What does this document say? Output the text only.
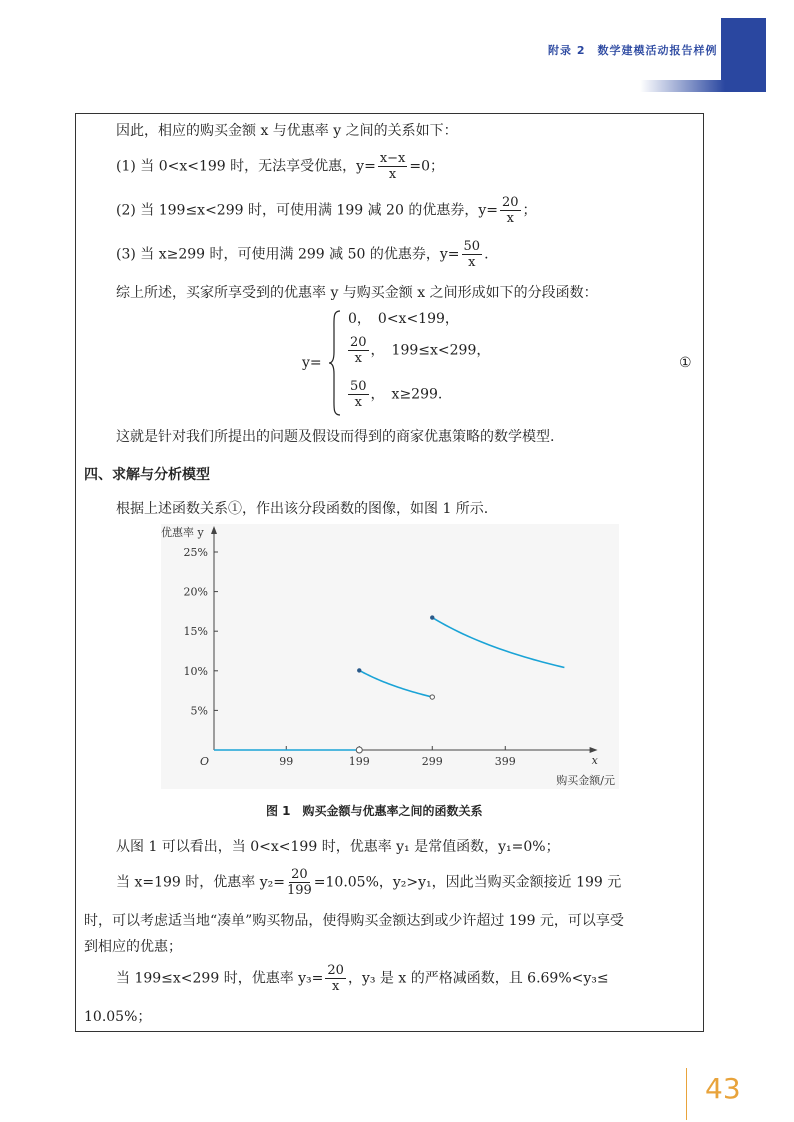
附录 2　数学建模活动报告样例
因此，相应的购买金额 x 与优惠率 y 之间的关系如下：
(1) 当 0<x<199 时，无法享受优惠，$y= \frac{x-x}{x} =0$；
(2) 当 199≤x<299 时，可使用满 199 减 20 的优惠券，$y= \frac{20}{x}$ ；
(3) 当 x≥299 时，可使用满 299 减 50 的优惠券，$y= \frac{50}{x}$ .
综上所述，买家所享受到的优惠率 y 与购买金额 x 之间形成如下的分段函数：
y=
0，　0<x<199，
$\frac{20}{x}$ ，　199≤x<299，
$\frac{50}{x}$ ，　x≥299.
①
这就是针对我们所提出的问题及假设而得到的商家优惠策略的数学模型.
四、求解与分析模型
根据上述函数关系①，作出该分段函数的图像，如图 1 所示.
99	199	299	399
5%
10%
15%
20%
25%
O	x
购买金额/元
优惠率 y
图 1　购买金额与优惠率之间的函数关系
从图 1 可以看出，当 0<x<199 时，优惠率 y₁ 是常值函数，y₁=0%；
当 x=199 时，优惠率 $y_2= \frac{20}{199} =10.05\%$，y₂>y₁，因此当购买金额接近 199 元
时，可以考虑适当地“凑单”购买物品，使得购买金额达到或少许超过 199 元，可以享受
到相应的优惠；
当 199≤x<299 时，优惠率 $y_3= \frac{20}{x}$ ，y₃ 是 x 的严格减函数，且 6.69%<y₃≤
10.05%；
43
